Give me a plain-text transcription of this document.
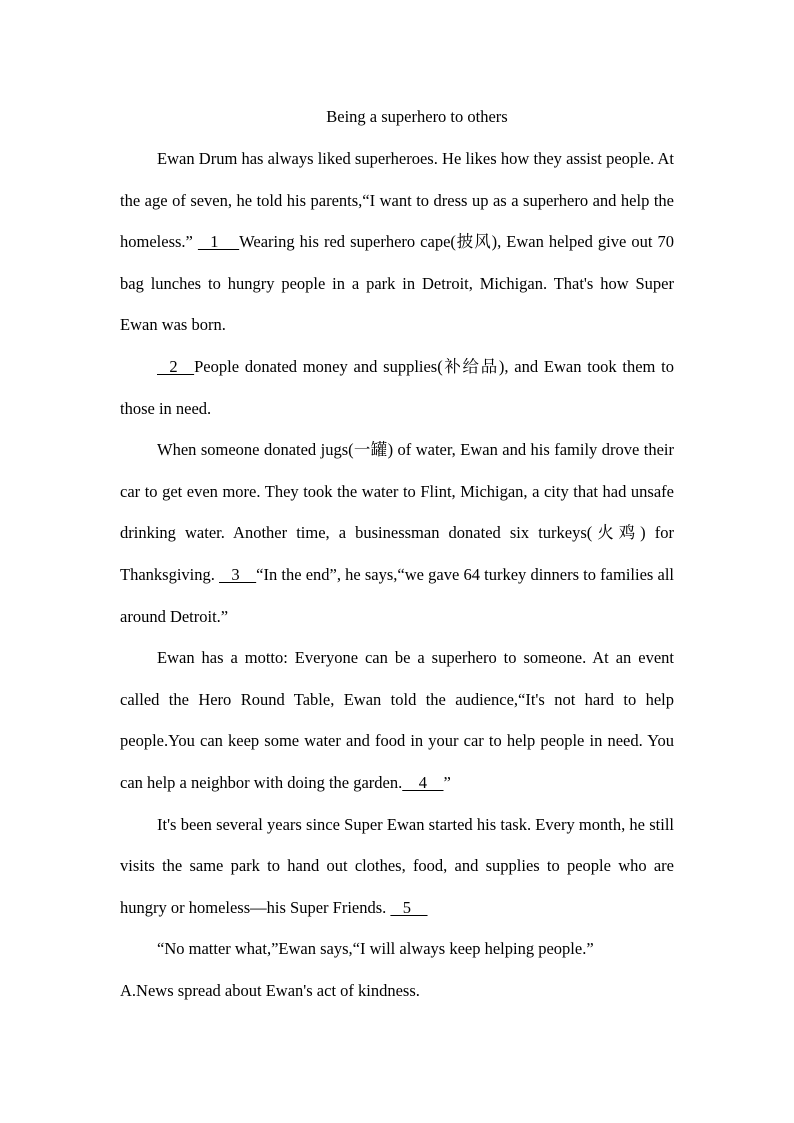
Being a superhero to others

Ewan Drum has always liked superheroes. He likes how they assist people. At the age of seven, he told his parents,“I want to dress up as a superhero and help the homeless.”    1     Wearing his red superhero cape(披风), Ewan helped give out 70 bag lunches to hungry people in a park in Detroit, Michigan. That's how Super Ewan was born.

2    People donated money and supplies(补给品), and Ewan took them to those in need.

When someone donated jugs(一罐) of water, Ewan and his family drove their car to get even more. They took the water to Flint, Michigan, a city that had unsafe drinking water. Another time, a businessman donated six turkeys(火鸡) for Thanksgiving.    3    “In the end”, he says,“we gave 64 turkey dinners to families all around Detroit.”

Ewan has a motto: Everyone can be a superhero to someone. At an event called the Hero Round Table, Ewan told the audience,“It's not hard to help people.You can keep some water and food in your car to help people in need. You can help a neighbor with doing the garden.    4    ”

It's been several years since Super Ewan started his task. Every month, he still visits the same park to hand out clothes, food, and supplies to people who are hungry or homeless—his Super Friends.    5

“No matter what,”Ewan says,“I will always keep helping people.”

A.News spread about Ewan's act of kindness.
